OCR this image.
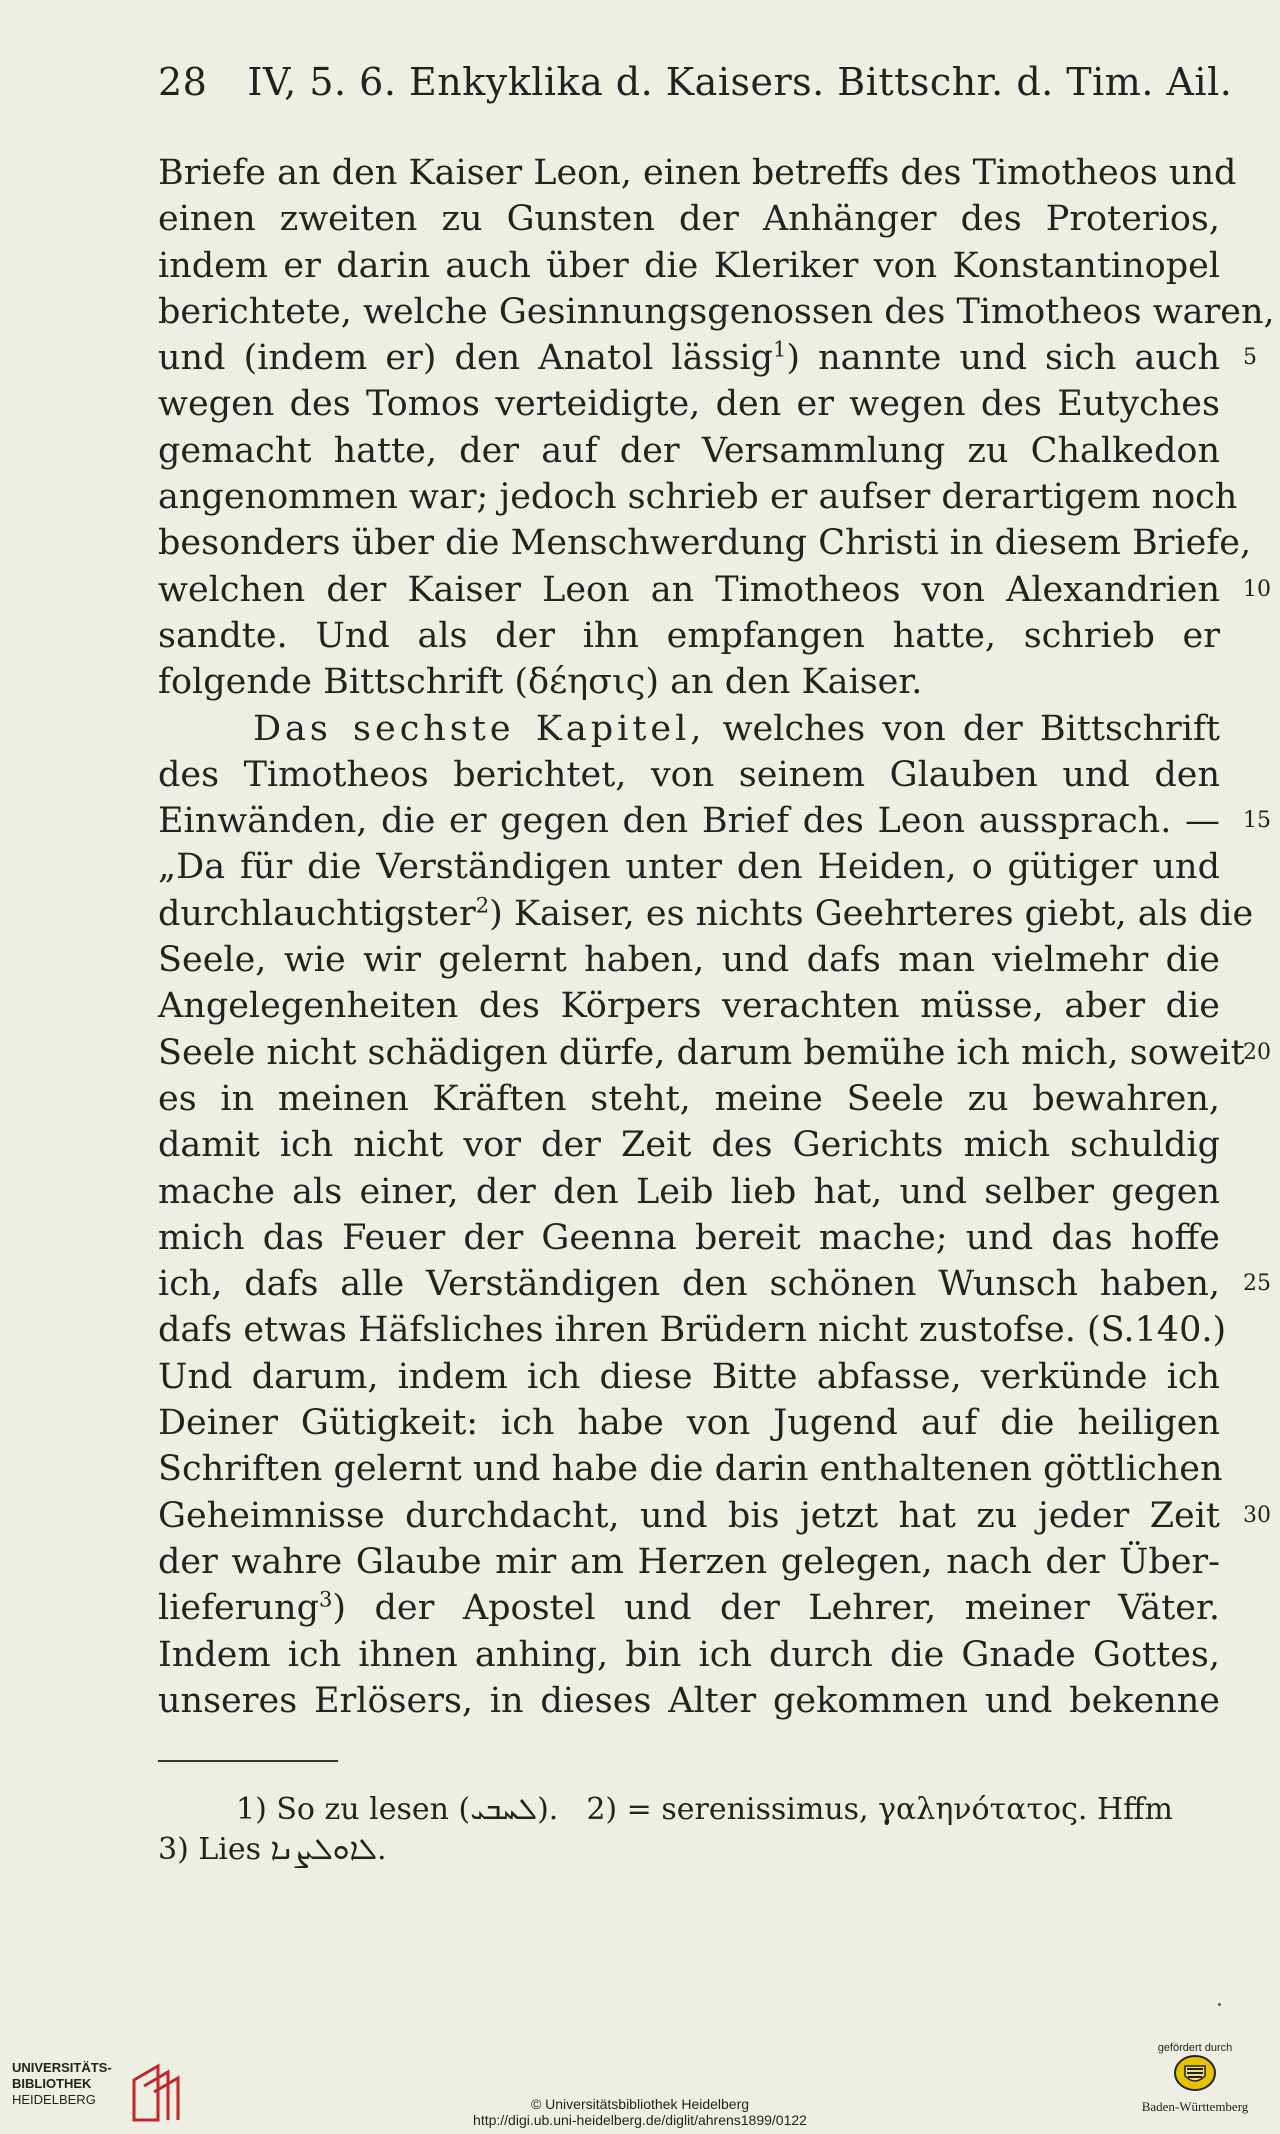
28 IV, 5. 6. Enkyklika d. Kaisers. Bittschr. d. Tim. Ail.
Briefe an den Kaiser Leon, einen betreffs des Timotheos und
einen zweiten zu Gunsten der Anhänger des Proterios,
indem er darin auch über die Kleriker von Konstantinopel
berichtete, welche Gesinnungsgenossen des Timotheos waren,
und (indem er) den Anatol lässig$^1$) nannte und sich auch 5
wegen des Tomos verteidigte, den er wegen des Eutyches
gemacht hatte, der auf der Versammlung zu Chalkedon
angenommen war; jedoch schrieb er aufser derartigem noch
besonders über die Menschwerdung Christi in diesem Briefe,
welchen der Kaiser Leon an Timotheos von Alexandrien 10
sandte. Und als der ihn empfangen hatte, schrieb er
folgende Bittschrift (δέησις) an den Kaiser.
Das sechste Kapitel, welches von der Bittschrift
des Timotheos berichtet, von seinem Glauben und den
Einwänden, die er gegen den Brief des Leon aussprach. — 15
„Da für die Verständigen unter den Heiden, o gütiger und
durchlauchtigster$^2$) Kaiser, es nichts Geehrteres giebt, als die
Seele, wie wir gelernt haben, und dafs man vielmehr die
Angelegenheiten des Körpers verachten müsse, aber die
Seele nicht schädigen dürfe, darum bemühe ich mich, soweit
20
es in meinen Kräften steht, meine Seele zu bewahren,
damit ich nicht vor der Zeit des Gerichts mich schuldig
mache als einer, der den Leib lieb hat, und selber gegen
mich das Feuer der Geenna bereit mache; und das hoffe
ich, dafs alle Verständigen den schönen Wunsch haben, 25
dafs etwas Häfsliches ihren Brüdern nicht zustofse. (S.140.)
Und darum, indem ich diese Bitte abfasse, verkünde ich
Deiner Gütigkeit: ich habe von Jugend auf die heiligen
Schriften gelernt und habe die darin enthaltenen göttlichen
Geheimnisse durchdacht, und bis jetzt hat zu jeder Zeit 30
der wahre Glaube mir am Herzen gelegen, nach der Über-
lieferung$^3$) der Apostel und der Lehrer, meiner Väter.
Indem ich ihnen anhing, bin ich durch die Gnade Gottes,
unseres Erlösers, in dieses Alter gekommen und bekenne
1) So zu lesen (ܠܚܒܝ). 2) = serenissimus, γαληνότατος. Hffm
3) Lies ܠܐܘܠܨܢܐ.
UNIVERSITÄTS-
BIBLIOTHEK
HEIDELBERG	© Universitätsbibliothek Heidelberg
http://digi.ub.uni-heidelberg.de/diglit/ahrens1899/0122
gefördert durch
Baden-Württemberg
